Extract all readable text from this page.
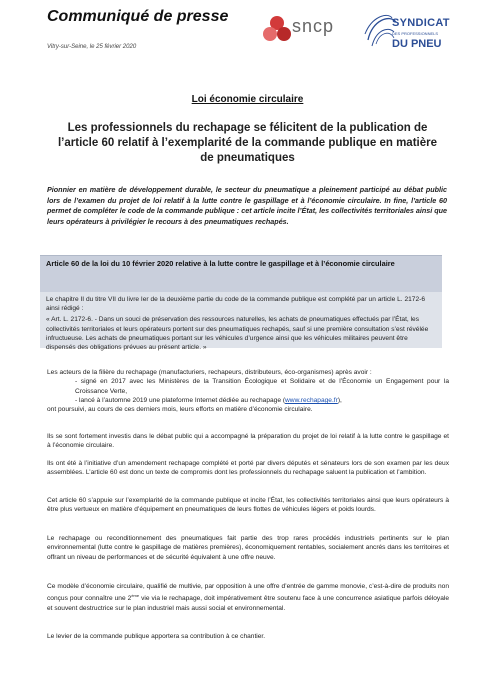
Communiqué de presse
Vitry-sur-Seine, le 25 février 2020
sncp	SYNDICAT
DES PROFESSIONNELS
DU PNEU
Loi économie circulaire
Les professionnels du rechapage se félicitent de la publication de l’article 60 relatif à l’exemplarité de la commande publique en matière de pneumatiques
Pionnier en matière de développement durable, le secteur du pneumatique a pleinement participé au débat public lors de l’examen du projet de loi relatif à la lutte contre le gaspillage et à l’économie circulaire. In fine, l’article 60 permet de compléter le code de la commande publique : cet article incite l’État, les collectivités territoriales ainsi que leurs opérateurs à privilégier le recours à des pneumatiques rechapés.
Article 60 de la loi du 10 février 2020 relative à la lutte contre le gaspillage et à l’économie circulaire

Le chapitre II du titre VII du livre Ier de la deuxième partie du code de la commande publique est complété par un article L. 2172-6 ainsi rédigé :

« Art. L. 2172-6. - Dans un souci de préservation des ressources naturelles, les achats de pneumatiques effectués par l’État, les collectivités territoriales et leurs opérateurs portent sur des pneumatiques rechapés, sauf si une première consultation s’est révélée infructueuse. Les achats de pneumatiques portant sur les véhicules d’urgence ainsi que les véhicules militaires peuvent être dispensés des obligations prévues au présent article. »

Les acteurs de la filière du rechapage (manufacturiers, rechapeurs, distributeurs, éco-organismes) après avoir :

- signé en 2017 avec les Ministères de la Transition Écologique et Solidaire et de l’Économie un Engagement pour la Croissance Verte,

- lancé à l’automne 2019 une plateforme Internet dédiée au rechapage (www.rechapage.fr),

ont poursuivi, au cours de ces derniers mois, leurs efforts en matière d’économie circulaire.

Ils se sont fortement investis dans le débat public qui a accompagné la préparation du projet de loi relatif à la lutte contre le gaspillage et à l’économie circulaire.
Ils ont été à l’initiative d’un amendement rechapage complété et porté par divers députés et sénateurs lors de son examen par les deux assemblées. L’article 60 est donc un texte de compromis dont les professionnels du rechapage saluent la publication et l’ambition.
Cet article 60 s’appuie sur l’exemplarité de la commande publique et incite l’État, les collectivités territoriales ainsi que leurs opérateurs à être plus vertueux en matière d’équipement en pneumatiques de leurs flottes de véhicules légers et poids lourds.
Le rechapage ou reconditionnement des pneumatiques fait partie des trop rares procédés industriels pertinents sur le plan environnemental (lutte contre le gaspillage de matières premières), économiquement rentables, socialement ancrés dans les territoires et offrant un niveau de performances et de sécurité équivalent à une offre neuve.
Ce modèle d’économie circulaire, qualifié de multivie, par opposition à une offre d’entrée de gamme monovie, c’est-à-dire de produits non conçus pour connaître une 2ème vie via le rechapage, doit impérativement être soutenu face à une concurrence asiatique parfois déloyale et souvent destructrice sur le plan industriel mais aussi social et environnemental.
Le levier de la commande publique apportera sa contribution à ce chantier.
